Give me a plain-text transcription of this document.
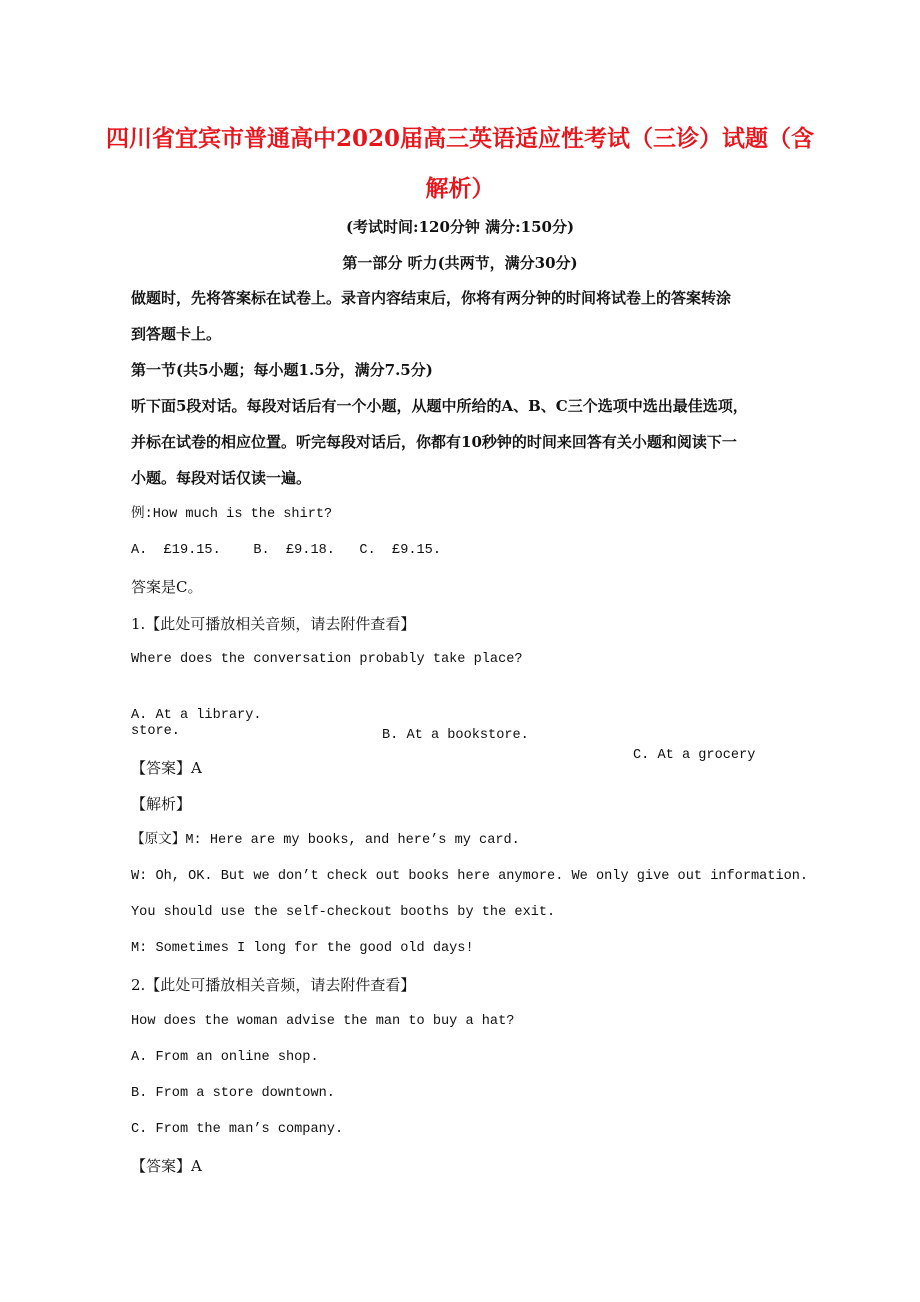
四川省宜宾市普通高中2020届高三英语适应性考试（三诊）试题（含
解析）
(考试时间:120分钟 满分:150分)
第一部分 听力(共两节，满分30分)
做题时，先将答案标在试卷上。录音内容结束后，你将有两分钟的时间将试卷上的答案转涂
到答题卡上。
第一节(共5小题；每小题1.5分，满分7.5分)
听下面5段对话。每段对话后有一个小题，从题中所给的A、B、C三个选项中选出最佳选项，
并标在试卷的相应位置。听完每段对话后，你都有10秒钟的时间来回答有关小题和阅读下一
小题。每段对话仅读一遍。
例:How much is the shirt?
A.  £19.15.    B.  £9.18.   C.  £9.15.
答案是C。
1.【此处可播放相关音频，请去附件查看】
Where does the conversation probably take place?

A. At a library.

B. At a bookstore.

C. At a grocery

store.
【答案】A
【解析】
【原文】M: Here are my books, and here’s my card.
W: Oh, OK. But we don’t check out books here anymore. We only give out information.
You should use the self-checkout booths by the exit.
M: Sometimes I long for the good old days!
2.【此处可播放相关音频，请去附件查看】
How does the woman advise the man to buy a hat?
A. From an online shop.
B. From a store downtown.
C. From the man’s company.
【答案】A
